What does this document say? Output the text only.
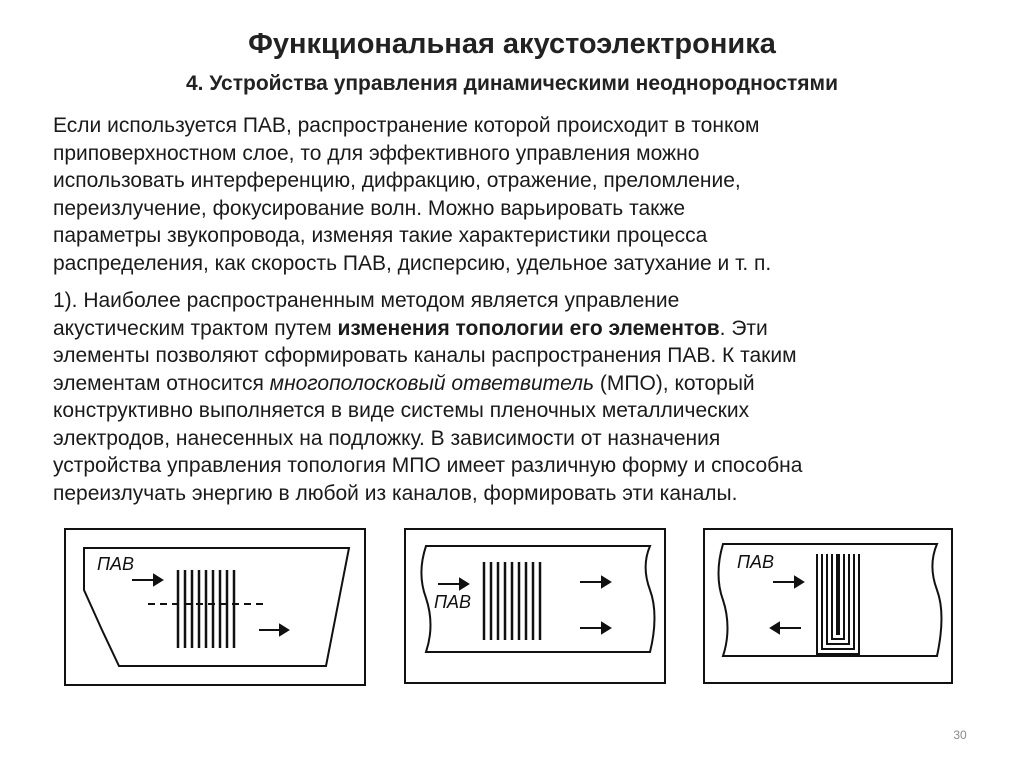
Функциональная акустоэлектроника
4. Устройства управления динамическими неоднородностями
Если используется ПАВ, распространение которой происходит в тонком
приповерхностном слое, то для эффективного управления можно
использовать интерференцию, дифракцию, отражение, преломление,
переизлучение, фокусирование волн. Можно варьировать также
параметры звукопровода, изменяя такие характеристики процесса
распределения, как скорость ПАВ, дисперсию, удельное затухание и т. п.
1). Наиболее распространенным методом является управление
акустическим трактом путем изменения топологии его элементов. Эти
элементы позволяют сформировать каналы распространения ПАВ. К таким
элементам относится многополосковый ответвитель (МПО), который
конструктивно выполняется в виде системы пленочных металлических
электродов, нанесенных на подложку. В зависимости от назначения
устройства управления топология МПО имеет различную форму и способна
переизлучать энергию в любой из каналов, формировать эти каналы.
ПАВ
ПАВ
ПАВ
30
